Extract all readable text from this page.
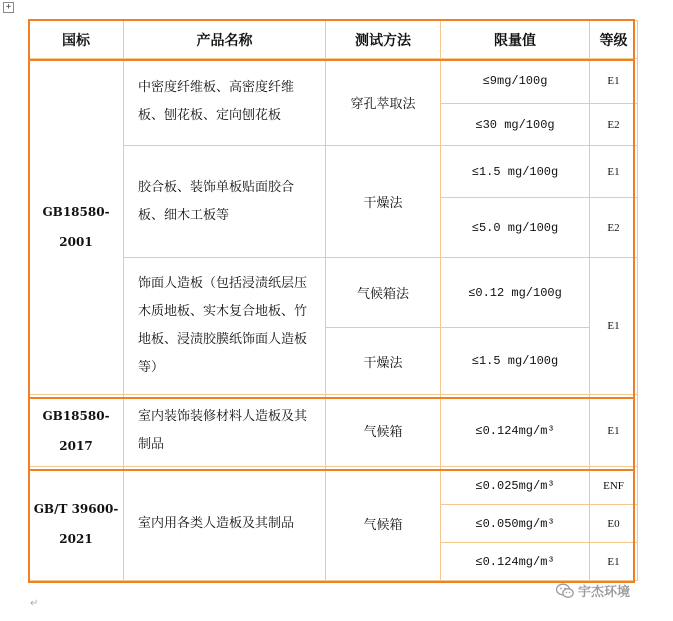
+
国标	产品名称	测试方法	限量值	等级
GB18580-2001	中密度纤维板、高密度纤维板、刨花板、定向刨花板	穿孔萃取法	≤9mg/100g	E1
			≤30 mg/100g	E2
	胶合板、装饰单板贴面胶合板、细木工板等	干燥法	≤1.5 mg/100g	E1
			≤5.0 mg/100g	E2
	饰面人造板（包括浸渍纸层压木质地板、实木复合地板、竹地板、浸渍胶膜纸饰面人造板等）	气候箱法	≤0.12 mg/100g	E1
		干燥法	≤1.5 mg/100g	
GB18580-2017	室内装饰装修材料人造板及其制品	气候箱	≤0.124mg/m³	E1
GB/T 39600-2021	室内用各类人造板及其制品	气候箱	≤0.025mg/m³	ENF
			≤0.050mg/m³	E0
			≤0.124mg/m³	E1
↵
宇杰环境
